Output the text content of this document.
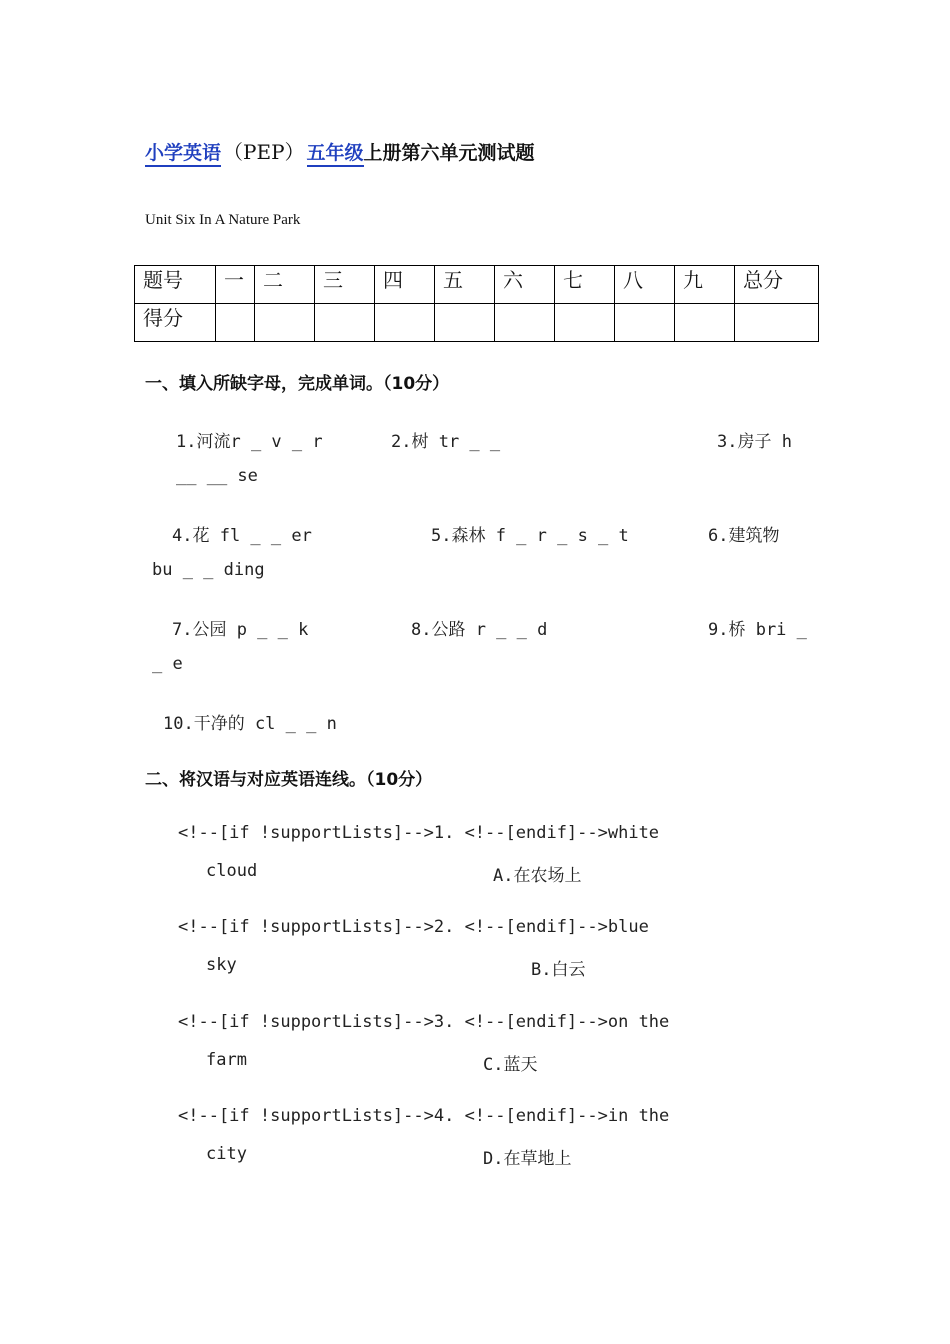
小学英语 （PEP） 五年级上册第六单元测试题
Unit Six In A Nature Park
题号	一	二	三	四	五	六	七	八	九	总分
得分										
一、填入所缺字母，完成单词。（10分）
1.河流r _ v _ r	2.树 tr _ _	3.房子 h
__ __ se
4.花 fl _ _ er	5.森林 f _ r _ s _ t	6.建筑物
bu _ _ ding
7.公园 p _ _ k	8.公路 r _ _ d	9.桥 bri _
_ e
10.干净的 cl _ _ n
二、将汉语与对应英语连线。（10分）
<!--[if !supportLists]-->1. <!--[endif]-->white
cloud	A.在农场上
<!--[if !supportLists]-->2. <!--[endif]-->blue
sky	B.白云
<!--[if !supportLists]-->3. <!--[endif]-->on the
farm	C.蓝天
<!--[if !supportLists]-->4. <!--[endif]-->in the
city	D.在草地上
